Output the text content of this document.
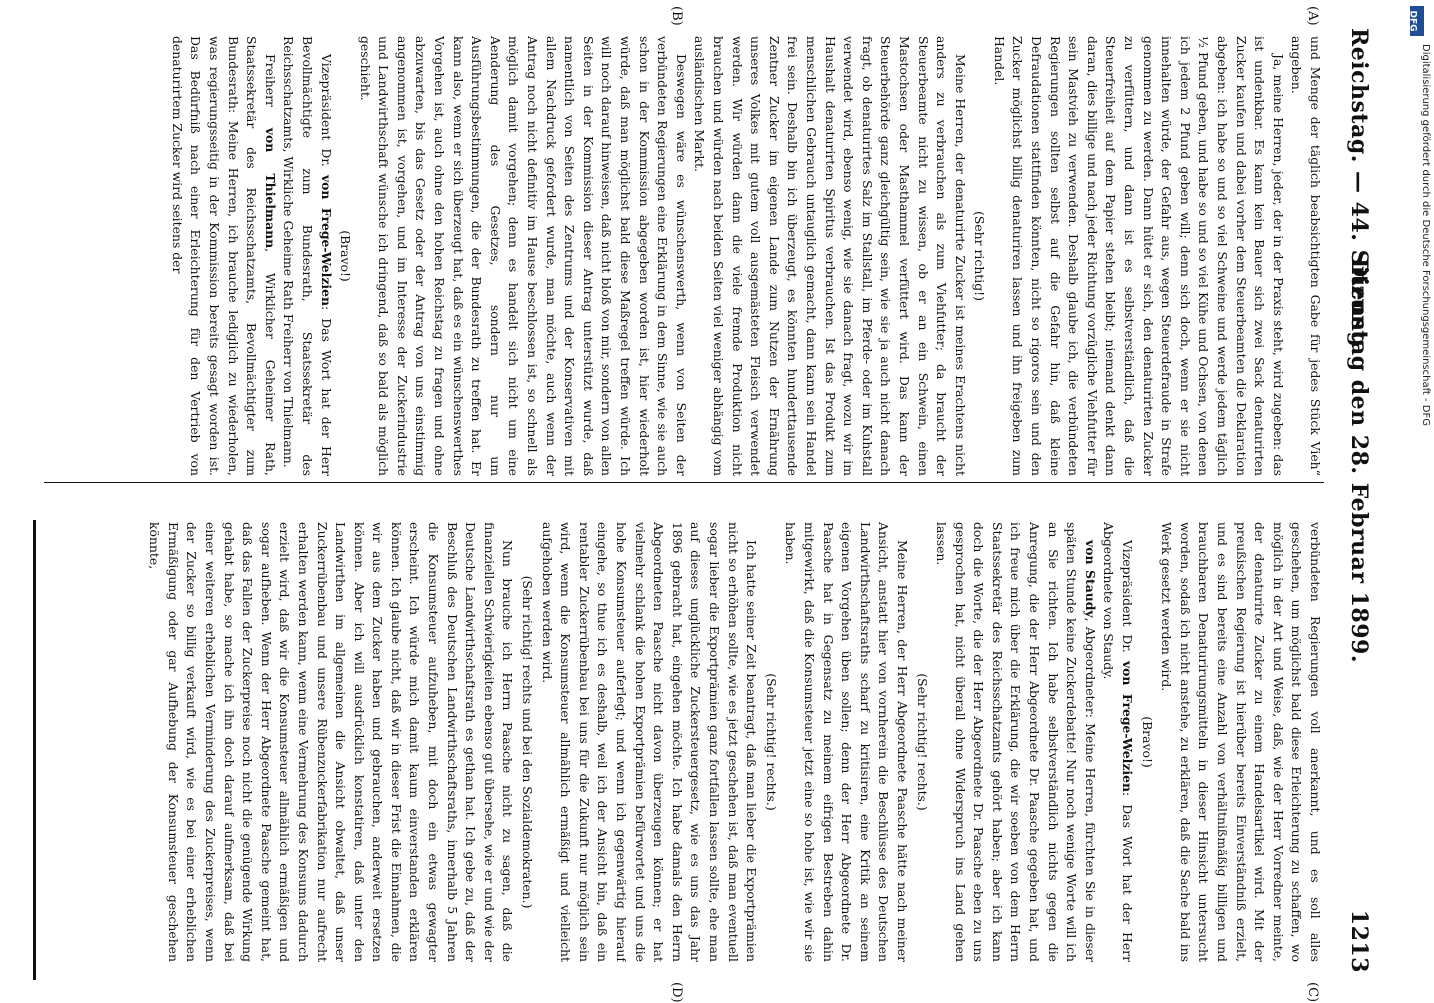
Reichstag. — 44. Sitzung.
Dienstag den 28. Februar 1899.
1213
(A)
(B)
(C)
(D)

und Menge der täglich beabsichtigten Gabe für jedes Stück Vieh“ angeben.

Ja, meine Herren, jeder, der in der Praxis steht, wird zugeben: das ist undenkbar. Es kann kein Bauer sich zwei Sack denaturirten Zucker kaufen und dabei vorher dem Steuerbeamten die Deklaration abgeben: ich habe so und so viel Schweine und werde jedem täglich ½ Pfund geben, und habe so und so viel Kühe und Ochsen, von denen ich jedem 2 Pfund geben will; denn sich doch, wenn er sie nicht innehalten würde, der Gefahr aus, wegen Steuerdefraude in Strafe genommen zu werden. Dann hütet er sich, den denaturirten Zucker zu verfüttern, und dann ist es selbstverständlich, daß die Steuerfreiheit auf dem Papier stehen bleibt; niemand denkt dann daran, dies billige und nach jeder Richtung vorzügliche Viehfutter für sein Mastvieh zu verwenden. Deshalb glaube ich, die verbündeten Regierungen sollten selbst auf die Gefahr hin, daß kleine Defraudationen stattfinden könnten, nicht so rigoros sein und den Zucker möglichst billig denaturiren lassen und ihn freigeben zum Handel.

(Sehr richtig!)

Meine Herren, der denaturirte Zucker ist meines Erachtens nicht anders zu verbrauchen als zum Viehfutter; da braucht der Steuerbeamte nicht zu wissen, ob er an ein Schwein, einen Mastochsen oder Masthammel verfüttert wird. Das kann der Steuerbehörde ganz gleichgültig sein, wie sie ja auch nicht danach fragt, ob denaturirtes Salz im Stallstall, im Pferde- oder im Kuhstall verwendet wird, ebenso wenig, wie sie danach fragt, wozu wir im Haushalt denaturirten Spiritus verbrauchen. Ist das Produkt zum menschlichen Gebrauch untauglich gemacht, dann kann sein Handel frei sein. Deshalb bin ich überzeugt, es könnten hunderttausende Zentner Zucker im eigenen Lande zum Nutzen der Ernährung unseres Volkes mit gutem voll ausgemästeten Fleisch verwendet werden. Wir würden dann die viele fremde Produktion nicht brauchen und würden nach beiden Seiten viel weniger abhängig vom ausländischen Markt.

Deswegen wäre es wünschenswerth, wenn von Seiten der verbündeten Regierungen eine Erklärung in dem Sinne, wie sie auch schon in der Kommission abgegeben worden ist, hier wiederholt würde, daß man möglichst bald diese Maßregel treffen würde. Ich will noch darauf hinweisen, daß nicht bloß von mir, sondern von allen Seiten in der Kommission dieser Antrag unterstützt wurde, daß namentlich von Seiten des Zentrums und der Konservativen mit allem Nachdruck gefordert wurde, man möchte, auch wenn der Antrag noch nicht definitiv im Hause beschlossen ist, so schnell als möglich damit vorgehen; denn es handelt sich nicht um eine Aenderung des Gesetzes, sondern nur um Ausführungsbestimmungen, die der Bundesrath zu treffen hat. Er kann also, wenn er sich überzeugt hat, daß es ein wünschenswerthes Vorgehen ist, auch ohne den hohen Reichstag zu fragen und ohne abzuwarten, bis das Gesetz oder der Antrag von uns einstimmig angenommen ist, vorgehen, und im Interesse der Zuckerindustrie und Landwirthschaft wünsche ich dringend, daß so bald als möglich geschieht.

(Bravo!)

Vizepräsident Dr. von Frege-Welzien: Das Wort hat der Herr Bevollmächtigte zum Bundesrath, Staatssekretär des Reichsschatzamts, Wirkliche Geheime Rath Freiherr von Thielmann.

Freiherr von Thielmann, Wirklicher Geheimer Rath, Staatssekretär des Reichsschatzamts, Bevollmächtigter zum Bundesrath: Meine Herren, ich brauche lediglich zu wiederholen, was regierungsseitig in der Kommission bereits gesagt worden ist. Das Bedürfniß nach einer Erleichterung für den Vertrieb von denaturirtem Zucker wird seitens der

verbündeten Regierungen voll anerkannt, und es soll alles geschehen, um möglichst bald diese Erleichterung zu schaffen, wo möglich in der Art und Weise, daß, wie der Herr Vorredner meinte, der denaturirte Zucker zu einem Handelsartikel wird. Mit der preußischen Regierung ist hierüber bereits Einverständniß erzielt, und es sind bereits eine Anzahl von verhältnißmäßig billigen und brauchbaren Denaturirungsmitteln in dieser Hinsicht untersucht worden, sodaß ich nicht anstehe, zu erklären, daß die Sache bald ins Werk gesetzt werden wird.

(Bravo!)

Vizepräsident Dr. von Frege-Welzien: Das Wort hat der Herr Abgeordnete von Staudy.

von Staudy, Abgeordneter: Meine Herren, fürchten Sie in dieser späten Stunde keine Zuckerdebatte! Nur noch wenige Worte will ich an Sie richten. Ich habe selbstverständlich nichts gegen die Anregung, die der Herr Abgeordnete Dr. Paasche gegeben hat, und ich freue mich über die Erklärung, die wir soeben von dem Herrn Staatssekretär des Reichsschatzamts gehört haben; aber ich kann doch die Worte, die der Herr Abgeordnete Dr. Paasche eben zu uns gesprochen hat, nicht überall ohne Widerspruch ins Land gehen lassen.

(Sehr richtig! rechts.)

Meine Herren, der Herr Abgeordnete Paasche hätte nach meiner Ansicht, anstatt hier von vornherein die Beschlüsse des Deutschen Landwirthschaftsraths scharf zu kritisiren, eine Kritik an seinem eigenen Vorgehen üben sollen; denn der Herr Abgeordnete Dr. Paasche hat in Gegensatz zu meinem eifrigen Bestreben dahin mitgewirkt, daß die Konsumsteuer jetzt eine so hohe ist, wie wir sie haben.

(Sehr richtig! rechts.)

Ich hatte seiner Zeit beantragt, daß man lieber die Exportprämien nicht so erhöhen sollte, wie es jetzt geschehen ist, daß man eventuell sogar lieber die Exportprämien ganz fortfallen lassen sollte, ehe man auf dieses unglückliche Zuckersteuergesetz, wie es uns das Jahr 1896 gebracht hat, eingehen möchte. Ich habe damals den Herrn Abgeordneten Paasche nicht davon überzeugen können; er hat vielmehr schlank die hohen Exportprämien befürwortet und uns die hohe Konsumsteuer auferlegt; und wenn ich gegenwärtig hierauf eingehe, so thue ich es deshalb, weil ich der Ansicht bin, daß ein rentabler Zuckerrübenbau bei uns für die Zukunft nur möglich sein wird, wenn die Konsumsteuer allmählich ermäßigt und vielleicht aufgehoben werden wird.

(Sehr richtig! rechts und bei den Sozialdemokraten.)

Nun brauche ich Herrn Paasche nicht zu sagen, daß die finanziellen Schwierigkeiten ebenso gut übersehe, wie er und wie der Deutsche Landwirthschaftsrath es gethan hat. Ich gebe zu, daß der Beschluß des Deutschen Landwirthschaftsraths, innerhalb 5 Jahren die Konsumsteuer aufzuheben, mit doch ein etwas gewagter erscheint. Ich würde mich damit kaum einverstanden erklären können. Ich glaube nicht, daß wir in dieser Frist die Einnahmen, die wir aus dem Zucker haben und gebrauchen, anderweit ersetzen können. Aber ich will ausdrücklich konstatiren, daß unter den Landwirthen im allgemeinen die Ansicht obwaltet, daß unser Zuckerrübenbau und unsere Rübenzuckerfabrikation nur aufrecht erhalten werden kann, wenn eine Vermehrung des Konsums dadurch erzielt wird, daß wir die Konsumsteuer allmählich ermäßigen und sogar aufheben. Wenn der Herr Abgeordnete Paasche gemeint hat, daß das Fallen der Zuckerpreise noch nicht die genügende Wirkung gehabt habe, so mache ich ihn doch darauf aufmerksam, daß bei einer weiteren erheblichen Verminderung des Zuckerpreises, wenn der Zucker so billig verkauft wird, wie es bei einer erheblichen Ermäßigung oder gar Aufhebung der Konsumsteuer geschehen könnte,

DFG
Digitalisierung gefördert durch die Deutsche Forschungsgemeinschaft - DFG
